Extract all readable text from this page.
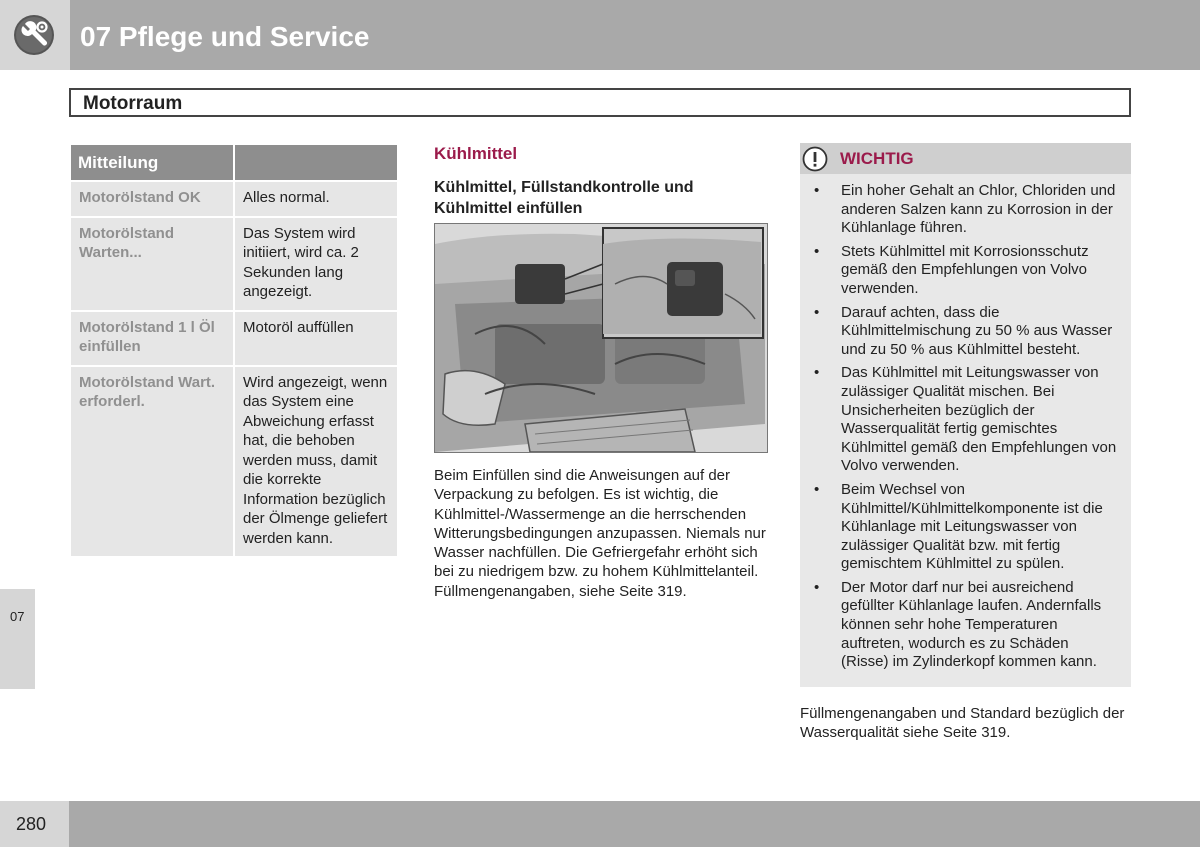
07 Pflege und Service
Motorraum
Mitteilung	
Motorölstand OK	Alles normal.
Motorölstand Warten...	Das System wird initiiert, wird ca. 2 Sekunden lang angezeigt.
Motorölstand 1 l Öl einfüllen	Motoröl auffüllen
Motorölstand Wart. erforderl.	Wird angezeigt, wenn das System eine Abweichung erfasst hat, die behoben werden muss, damit die korrekte Information bezüglich der Ölmenge geliefert werden kann.
Kühlmittel
Kühlmittel, Füllstandkontrolle und Kühlmittel einfüllen
Beim Einfüllen sind die Anweisungen auf der Verpackung zu befolgen. Es ist wichtig, die Kühlmittel-/Wassermenge an die herrschenden Witterungsbedingungen anzupassen. Niemals nur Wasser nachfüllen. Die Gefriergefahr erhöht sich bei zu niedrigem bzw. zu hohem Kühlmittelanteil. Füllmengenangaben, siehe Seite 319.
WICHTIG
• Ein hoher Gehalt an Chlor, Chloriden und anderen Salzen kann zu Korrosion in der Kühlanlage führen.
• Stets Kühlmittel mit Korrosionsschutz gemäß den Empfehlungen von Volvo verwenden.
• Darauf achten, dass die Kühlmittelmischung zu 50 % aus Wasser und zu 50 % aus Kühlmittel besteht.
• Das Kühlmittel mit Leitungswasser von zulässiger Qualität mischen. Bei Unsicherheiten bezüglich der Wasserqualität fertig gemischtes Kühlmittel gemäß den Empfehlungen von Volvo verwenden.
• Beim Wechsel von Kühlmittel/Kühlmittelkomponente ist die Kühlanlage mit Leitungswasser von zulässiger Qualität bzw. mit fertig gemischtem Kühlmittel zu spülen.
• Der Motor darf nur bei ausreichend gefüllter Kühlanlage laufen. Andernfalls können sehr hohe Temperaturen auftreten, wodurch es zu Schäden (Risse) im Zylinderkopf kommen kann.
Füllmengenangaben und Standard bezüglich der Wasserqualität siehe Seite 319.
07
280
